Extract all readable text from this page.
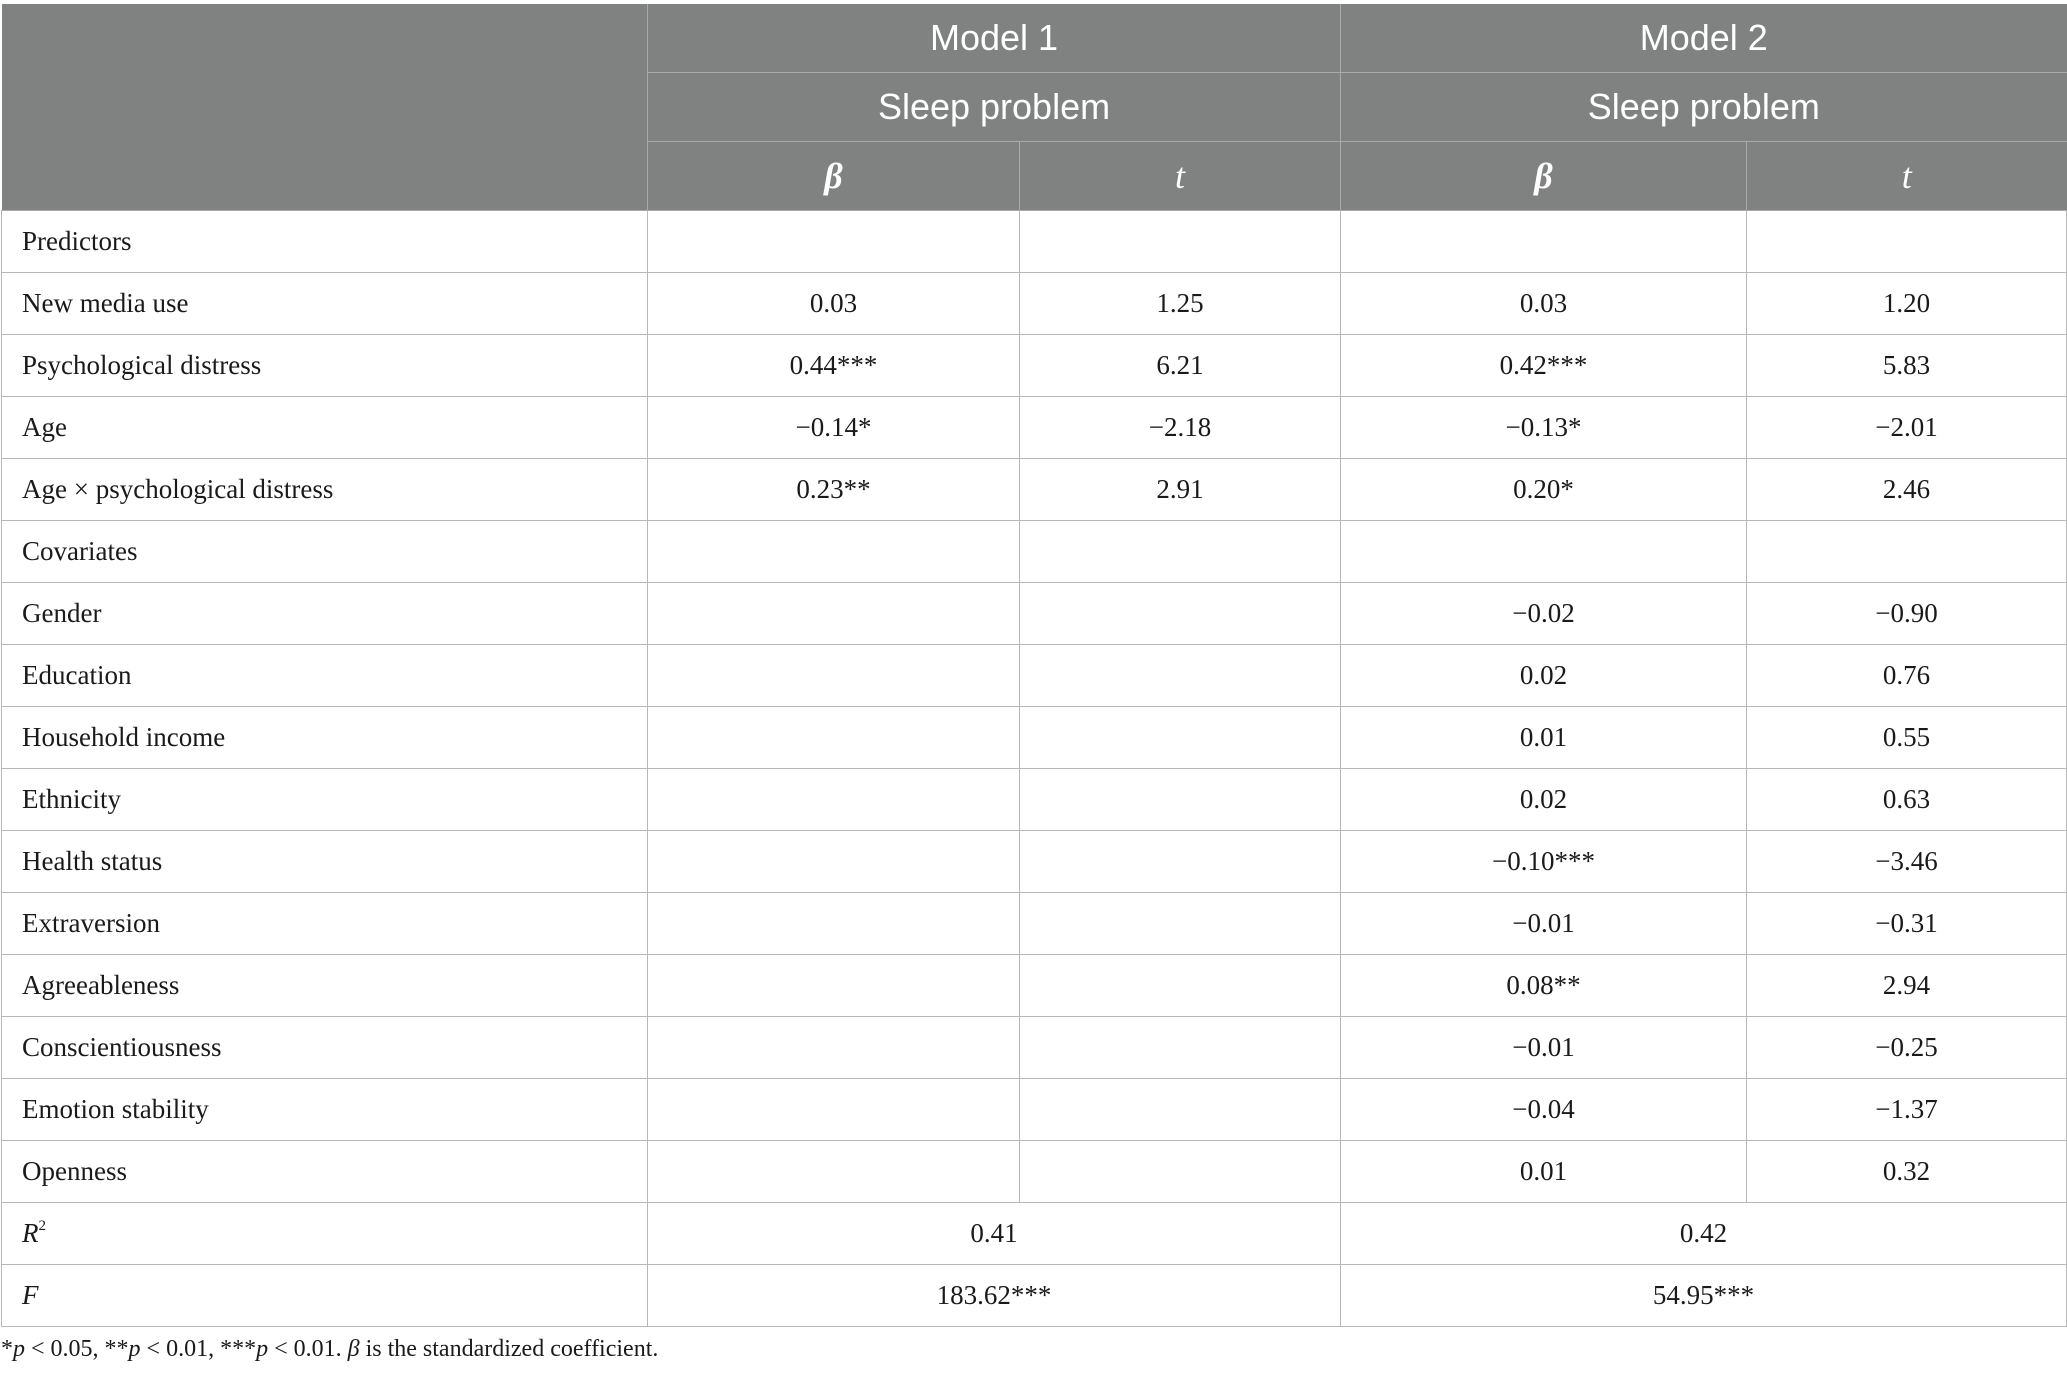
	Model 1		Model 2	
	Sleep problem		Sleep problem	
	β	t	β	t
Predictors				
New media use	0.03	1.25	0.03	1.20
Psychological distress	0.44***	6.21	0.42***	5.83
Age	−0.14*	−2.18	−0.13*	−2.01
Age × psychological distress	0.23**	2.91	0.20*	2.46
Covariates				
Gender			−0.02	−0.90
Education			0.02	0.76
Household income			0.01	0.55
Ethnicity			0.02	0.63
Health status			−0.10***	−3.46
Extraversion			−0.01	−0.31
Agreeableness			0.08**	2.94
Conscientiousness			−0.01	−0.25
Emotion stability			−0.04	−1.37
Openness			0.01	0.32
$R^2$	0.41		0.42	
F	183.62***		54.95***	
*p < 0.05, **p < 0.01, ***p < 0.01. β is the standardized coefficient.
